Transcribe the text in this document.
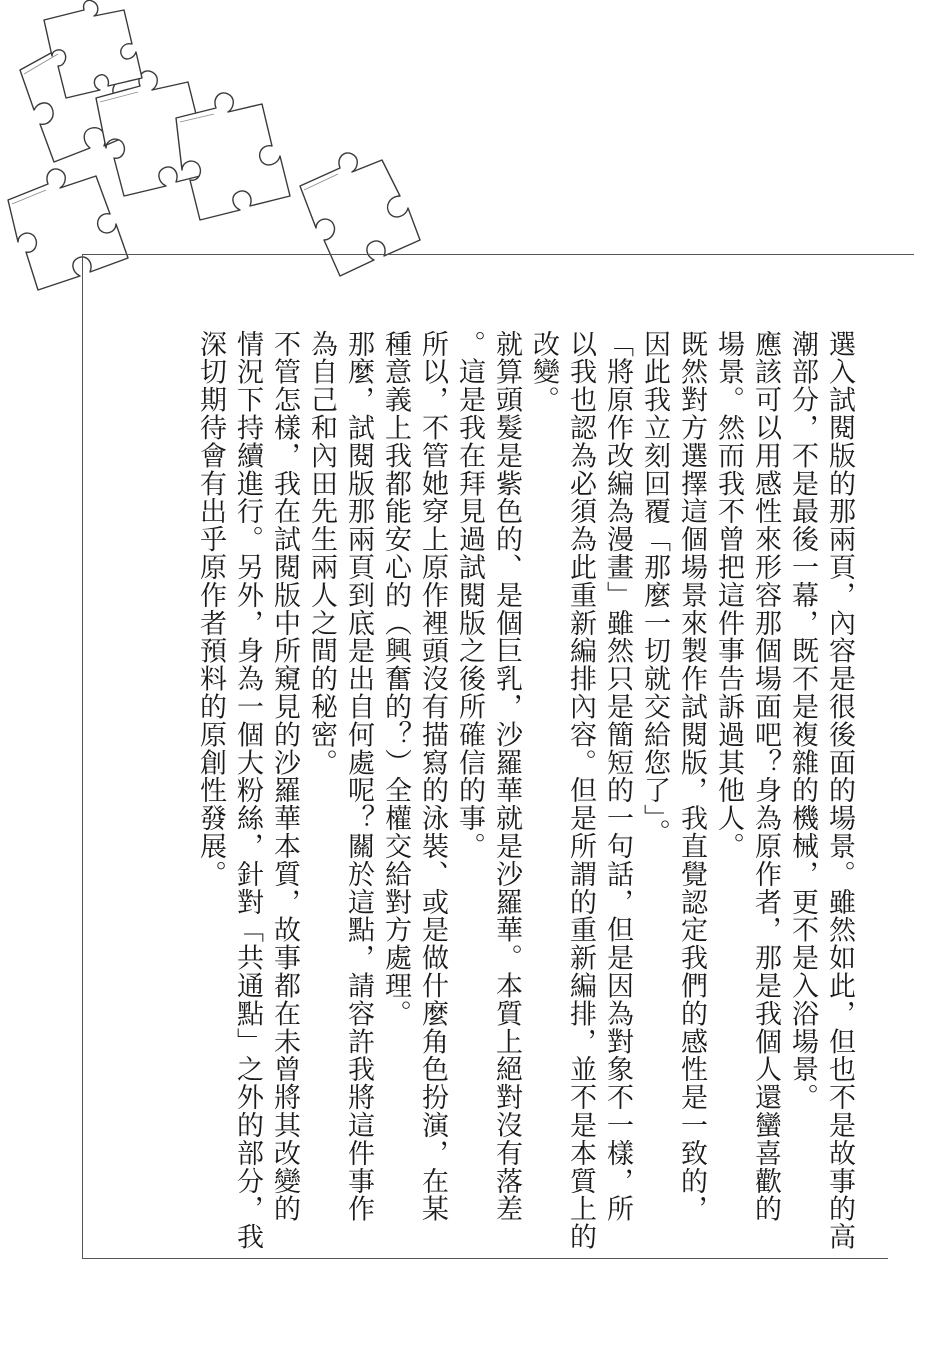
選入試閱版的那兩頁，內容是很後面的場景。雖然如此，但也不是故事的高
潮部分，不是最後一幕，既不是複雜的機械，更不是入浴場景。
應該可以用感性來形容那個場面吧？身為原作者，那是我個人還蠻喜歡的
場景。然而我不曾把這件事告訴過其他人。
既然對方選擇這個場景來製作試閱版，我直覺認定我們的感性是一致的，
因此我立刻回覆「那麼一切就交給您了」。
「將原作改編為漫畫」雖然只是簡短的一句話，但是因為對象不一樣，所
以我也認為必須為此重新編排內容。但是所謂的重新編排，並不是本質上的
改變。
就算頭髮是紫色的、是個巨乳，沙羅華就是沙羅華。本質上絕對沒有落差
。這是我在拜見過試閱版之後所確信的事。
所以，不管她穿上原作裡頭沒有描寫的泳裝、或是做什麼角色扮演，在某
種意義上我都能安心的（興奮的？）全權交給對方處理。
那麼，試閱版那兩頁到底是出自何處呢？關於這點，請容許我將這件事作
為自己和內田先生兩人之間的秘密。
不管怎樣，我在試閱版中所窺見的沙羅華本質，故事都在未曾將其改變的
情況下持續進行。另外，身為一個大粉絲，針對「共通點」之外的部分，我
深切期待會有出乎原作者預料的原創性發展。
